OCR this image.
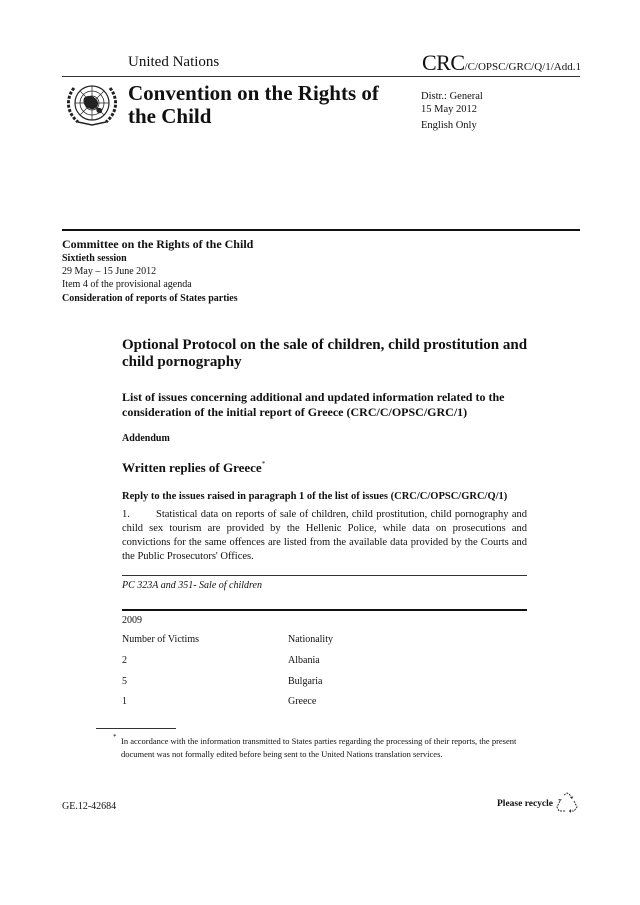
United Nations	CRC/C/OPSC/GRC/Q/1/Add.1
Convention on the Rights of the Child
Distr.: General
15 May 2012
English Only
Committee on the Rights of the Child
Sixtieth session
29 May – 15 June 2012
Item 4 of the provisional agenda
Consideration of reports of States parties
Optional Protocol on the sale of children, child prostitution and child pornography
List of issues concerning additional and updated information related to the consideration of the initial report of Greece (CRC/C/OPSC/GRC/1)
Addendum
Written replies of Greece*
Reply to the issues raised in paragraph 1 of the list of issues (CRC/C/OPSC/GRC/Q/1)
1. Statistical data on reports of sale of children, child prostitution, child pornography and child sex tourism are provided by the Hellenic Police, while data on prosecutions and convictions for the same offences are listed from the available data provided by the Courts and the Public Prosecutors' Offices.
PC 323A and 351- Sale of children
2009
Number of Victims	Nationality
2	Albania
5	Bulgaria
1	Greece
* In accordance with the information transmitted to States parties regarding the processing of their reports, the present document was not formally edited before being sent to the United Nations translation services.
GE.12-42684	Please recycle
